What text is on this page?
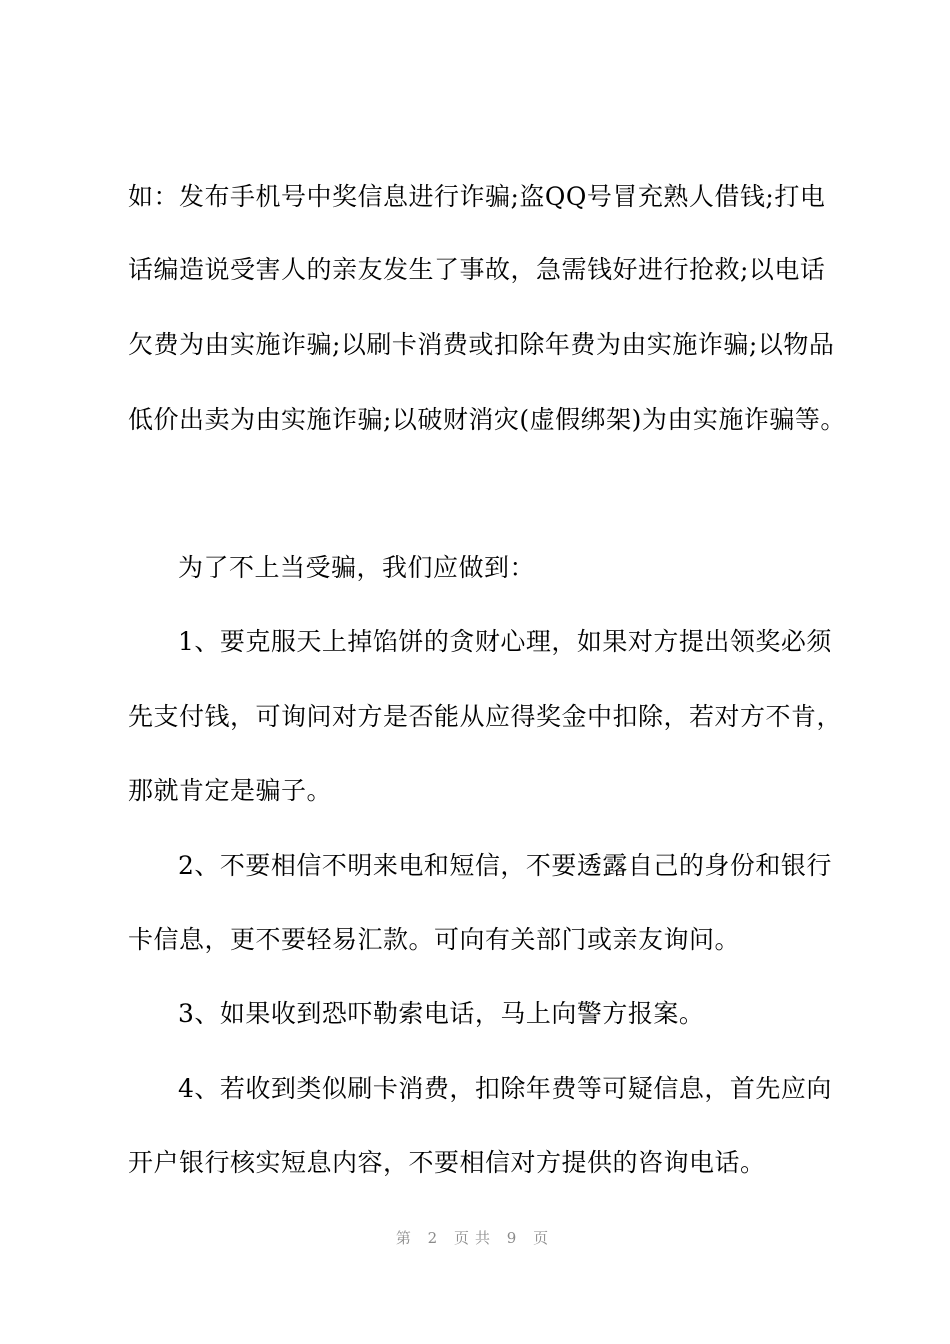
如：发布手机号中奖信息进行诈骗;盗QQ号冒充熟人借钱;打电
话编造说受害人的亲友发生了事故，急需钱好进行抢救;以电话
欠费为由实施诈骗;以刷卡消费或扣除年费为由实施诈骗;以物品
低价出卖为由实施诈骗;以破财消灾(虚假绑架)为由实施诈骗等。
为了不上当受骗，我们应做到：
1、要克服天上掉馅饼的贪财心理，如果对方提出领奖必须
先支付钱，可询问对方是否能从应得奖金中扣除，若对方不肯，
那就肯定是骗子。
2、不要相信不明来电和短信，不要透露自己的身份和银行
卡信息，更不要轻易汇款。可向有关部门或亲友询问。
3、如果收到恐吓勒索电话，马上向警方报案。
4、若收到类似刷卡消费，扣除年费等可疑信息，首先应向
开户银行核实短息内容，不要相信对方提供的咨询电话。
第 2 页共 9 页
